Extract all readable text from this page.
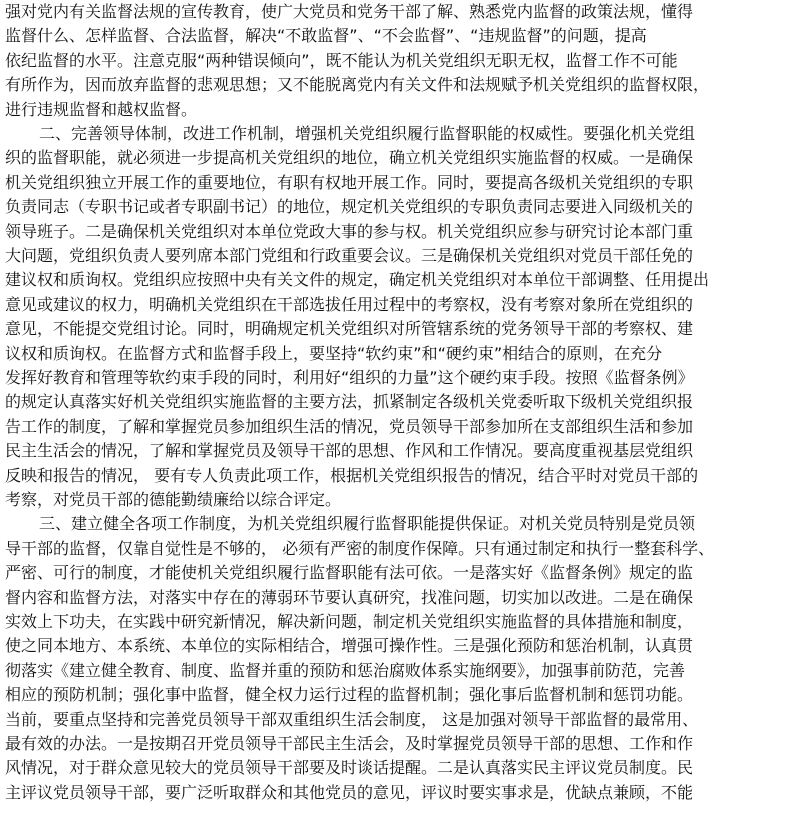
强对党内有关监督法规的宣传教育，使广大党员和党务干部了解、熟悉党内监督的政策法规，懂得
监督什么、怎样监督、合法监督，解决“不敢监督”、“不会监督”、“违规监督”的问题，提高
依纪监督的水平。注意克服“两种错误倾向”，既不能认为机关党组织无职无权，监督工作不可能
有所作为，因而放弃监督的悲观思想；又不能脱离党内有关文件和法规赋予机关党组织的监督权限，
进行违规监督和越权监督。
二、完善领导体制，改进工作机制，增强机关党组织履行监督职能的权威性。要强化机关党组
织的监督职能，就必须进一步提高机关党组织的地位，确立机关党组织实施监督的权威。一是确保
机关党组织独立开展工作的重要地位，有职有权地开展工作。同时，要提高各级机关党组织的专职
负责同志（专职书记或者专职副书记）的地位，规定机关党组织的专职负责同志要进入同级机关的
领导班子。二是确保机关党组织对本单位党政大事的参与权。机关党组织应参与研究讨论本部门重
大问题，党组织负责人要列席本部门党组和行政重要会议。三是确保机关党组织对党员干部任免的
建议权和质询权。党组织应按照中央有关文件的规定，确定机关党组织对本单位干部调整、任用提出
意见或建议的权力，明确机关党组织在干部选拔任用过程中的考察权，没有考察对象所在党组织的
意见，不能提交党组讨论。同时，明确规定机关党组织对所管辖系统的党务领导干部的考察权、建
议权和质询权。在监督方式和监督手段上，要坚持“软约束”和“硬约束”相结合的原则，在充分
发挥好教育和管理等软约束手段的同时，利用好“组织的力量”这个硬约束手段。按照《监督条例》
的规定认真落实好机关党组织实施监督的主要方法，抓紧制定各级机关党委听取下级机关党组织报
告工作的制度，了解和掌握党员参加组织生活的情况，党员领导干部参加所在支部组织生活和参加
民主生活会的情况，了解和掌握党员及领导干部的思想、作风和工作情况。要高度重视基层党组织
反映和报告的情况， 要有专人负责此项工作，根据机关党组织报告的情况，结合平时对党员干部的
考察，对党员干部的德能勤绩廉给以综合评定。
三、建立健全各项工作制度，为机关党组织履行监督职能提供保证。对机关党员特别是党员领
导干部的监督，仅靠自觉性是不够的， 必须有严密的制度作保障。只有通过制定和执行一整套科学、
严密、可行的制度，才能使机关党组织履行监督职能有法可依。一是落实好《监督条例》规定的监
督内容和监督方法，对落实中存在的薄弱环节要认真研究，找准问题，切实加以改进。二是在确保
实效上下功夫，在实践中研究新情况，解决新问题，制定机关党组织实施监督的具体措施和制度，
使之同本地方、本系统、本单位的实际相结合，增强可操作性。三是强化预防和惩治机制，认真贯
彻落实《建立健全教育、制度、监督并重的预防和惩治腐败体系实施纲要》，加强事前防范，完善
相应的预防机制；强化事中监督，健全权力运行过程的监督机制；强化事后监督机制和惩罚功能。
当前，要重点坚持和完善党员领导干部双重组织生活会制度， 这是加强对领导干部监督的最常用、
最有效的办法。一是按期召开党员领导干部民主生活会，及时掌握党员领导干部的思想、工作和作
风情况，对于群众意见较大的党员领导干部要及时谈话提醒。二是认真落实民主评议党员制度。民
主评议党员领导干部，要广泛听取群众和其他党员的意见，评议时要实事求是，优缺点兼顾，不能
